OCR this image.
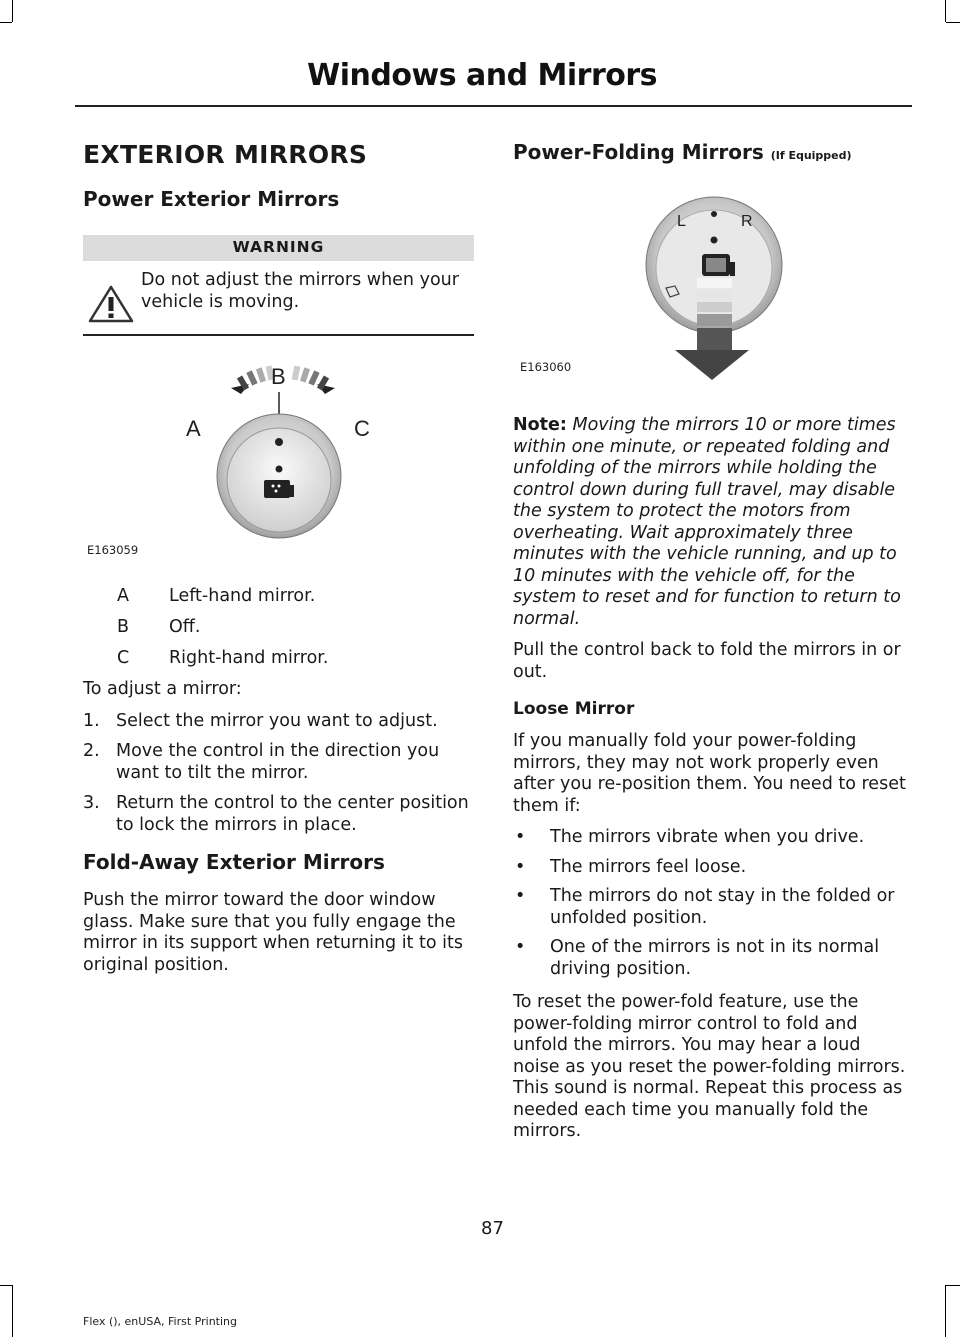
Windows and Mirrors
EXTERIOR MIRRORS
Power Exterior Mirrors
WARNING
Do not adjust the mirrors when your vehicle is moving.
B
A	C
E163059
A	Left-hand mirror.
B	Off.
C	Right-hand mirror.

To adjust a mirror:

1. Select the mirror you want to adjust.
2. Move the control in the direction you want to tilt the mirror.
3. Return the control to the center position to lock the mirrors in place.
Fold-Away Exterior Mirrors

Push the mirror toward the door window glass. Make sure that you fully engage the mirror in its support when returning it to its original position.

Power-Folding Mirrors (If Equipped)
L	R
E163060

Note: Moving the mirrors 10 or more times within one minute, or repeated folding and unfolding of the mirrors while holding the control down during full travel, may disable the system to protect the motors from overheating. Wait approximately three minutes with the vehicle running, and up to 10 minutes with the vehicle off, for the system to reset and for function to return to normal.

Pull the control back to fold the mirrors in or out.

Loose Mirror

If you manually fold your power-folding mirrors, they may not work properly even after you re-position them. You need to reset them if:

•	The mirrors vibrate when you drive.
•	The mirrors feel loose.
•	The mirrors do not stay in the folded or unfolded position.
•	One of the mirrors is not in its normal driving position.

To reset the power-fold feature, use the power-folding mirror control to fold and unfold the mirrors. You may hear a loud noise as you reset the power-folding mirrors. This sound is normal. Repeat this process as needed each time you manually fold the mirrors.

87
Flex (), enUSA, First Printing
